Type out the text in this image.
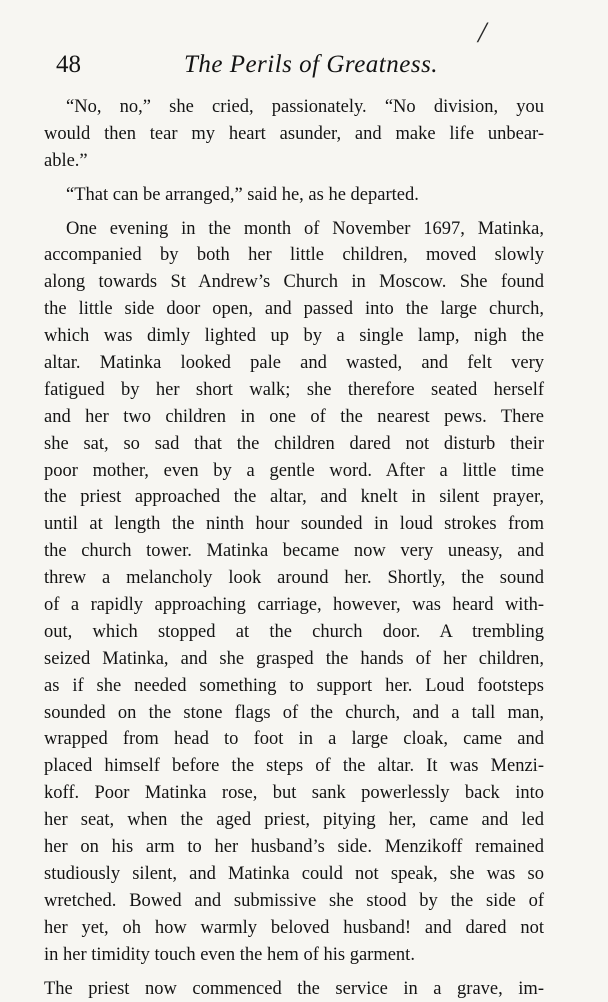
48	The Perils of Greatness.
/
“No, no,” she cried, passionately. “No division, you
would then tear my heart asunder, and make life unbear-
able.”
“That can be arranged,” said he, as he departed.
One evening in the month of November 1697, Matinka,
accompanied by both her little children, moved slowly
along towards St Andrew’s Church in Moscow. She found
the little side door open, and passed into the large church,
which was dimly lighted up by a single lamp, nigh the
altar. Matinka looked pale and wasted, and felt very
fatigued by her short walk; she therefore seated herself
and her two children in one of the nearest pews. There
she sat, so sad that the children dared not disturb their
poor mother, even by a gentle word. After a little time
the priest approached the altar, and knelt in silent prayer,
until at length the ninth hour sounded in loud strokes from
the church tower. Matinka became now very uneasy, and
threw a melancholy look around her. Shortly, the sound
of a rapidly approaching carriage, however, was heard with-
out, which stopped at the church door. A trembling
seized Matinka, and she grasped the hands of her children,
as if she needed something to support her. Loud footsteps
sounded on the stone flags of the church, and a tall man,
wrapped from head to foot in a large cloak, came and
placed himself before the steps of the altar. It was Menzi-
koff. Poor Matinka rose, but sank powerlessly back into
her seat, when the aged priest, pitying her, came and led
her on his arm to her husband’s side. Menzikoff remained
studiously silent, and Matinka could not speak, she was so
wretched. Bowed and submissive she stood by the side of
her yet, oh how warmly beloved husband! and dared not
in her timidity touch even the hem of his garment.
The priest now commenced the service in a grave, im-
